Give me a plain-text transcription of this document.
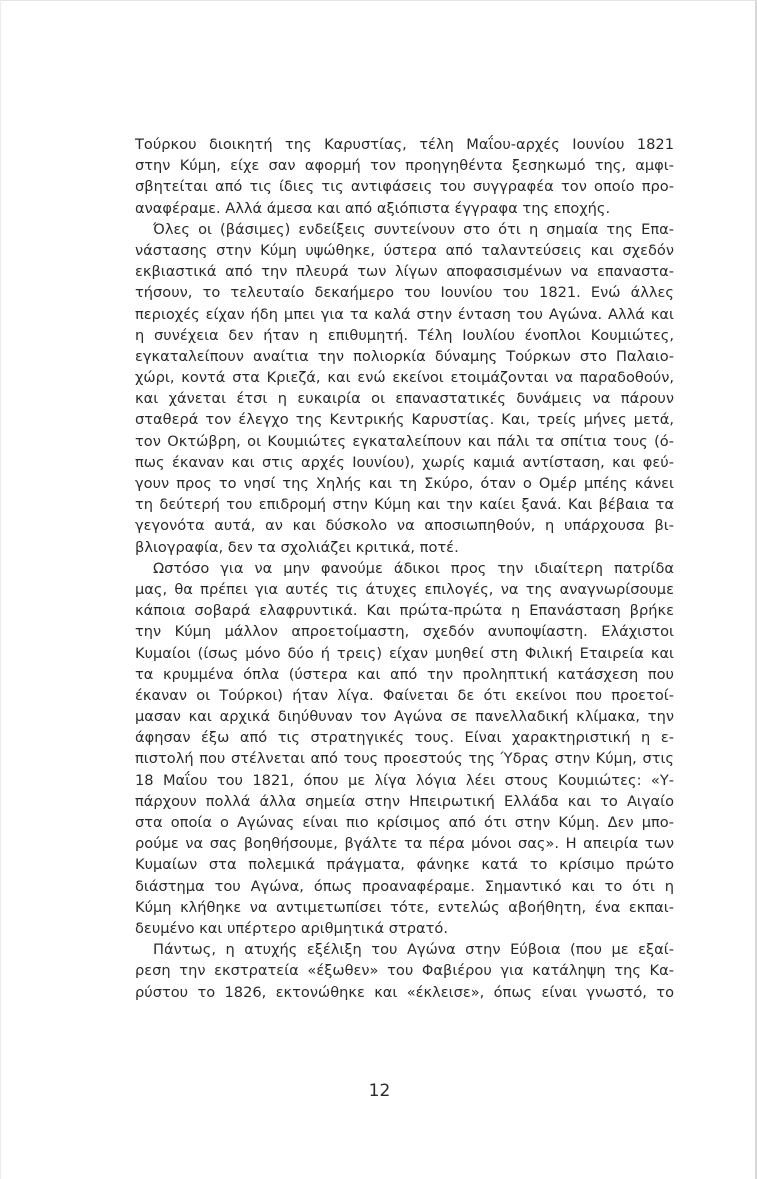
Τούρκου διοικητή της Καρυστίας, τέλη Μαΐου-αρχές Ιουνίου 1821
στην Κύμη, είχε σαν αφορμή τον προηγηθέντα ξεσηκωμό της, αμφι-
σβητείται από τις ίδιες τις αντιφάσεις του συγγραφέα τον οποίο προ-
αναφέραμε. Αλλά άμεσα και από αξιόπιστα έγγραφα της εποχής.
Όλες οι (βάσιμες) ενδείξεις συντείνουν στο ότι η σημαία της Επα-
νάστασης στην Κύμη υψώθηκε, ύστερα από ταλαντεύσεις και σχεδόν
εκβιαστικά από την πλευρά των λίγων αποφασισμένων να επαναστα-
τήσουν, το τελευταίο δεκαήμερο του Ιουνίου του 1821. Ενώ άλλες
περιοχές είχαν ήδη μπει για τα καλά στην ένταση του Αγώνα. Αλλά και
η συνέχεια δεν ήταν η επιθυμητή. Τέλη Ιουλίου ένοπλοι Κουμιώτες,
εγκαταλείπουν αναίτια την πολιορκία δύναμης Τούρκων στο Παλαιο-
χώρι, κοντά στα Κριεζά, και ενώ εκείνοι ετοιμάζονται να παραδοθούν,
και χάνεται έτσι η ευκαιρία οι επαναστατικές δυνάμεις να πάρουν
σταθερά τον έλεγχο της Κεντρικής Καρυστίας. Και, τρείς μήνες μετά,
τον Οκτώβρη, οι Κουμιώτες εγκαταλείπουν και πάλι τα σπίτια τους (ό-
πως έκαναν και στις αρχές Ιουνίου), χωρίς καμιά αντίσταση, και φεύ-
γουν προς το νησί της Χηλής και τη Σκύρο, όταν ο Ομέρ μπέης κάνει
τη δεύτερή του επιδρομή στην Κύμη και την καίει ξανά. Και βέβαια τα
γεγονότα αυτά, αν και δύσκολο να αποσιωπηθούν, η υπάρχουσα βι-
βλιογραφία, δεν τα σχολιάζει κριτικά, ποτέ.
Ωστόσο για να μην φανούμε άδικοι προς την ιδιαίτερη πατρίδα
μας, θα πρέπει για αυτές τις άτυχες επιλογές, να της αναγνωρίσουμε
κάποια σοβαρά ελαφρυντικά. Και πρώτα-πρώτα η Επανάσταση βρήκε
την Κύμη μάλλον απροετοίμαστη, σχεδόν ανυποψίαστη. Ελάχιστοι
Κυμαίοι (ίσως μόνο δύο ή τρεις) είχαν μυηθεί στη Φιλική Εταιρεία και
τα κρυμμένα όπλα (ύστερα και από την προληπτική κατάσχεση που
έκαναν οι Τούρκοι) ήταν λίγα. Φαίνεται δε ότι εκείνοι που προετοί-
μασαν και αρχικά διηύθυναν τον Αγώνα σε πανελλαδική κλίμακα, την
άφησαν έξω από τις στρατηγικές τους. Είναι χαρακτηριστική η ε-
πιστολή που στέλνεται από τους προεστούς της Ύδρας στην Κύμη, στις
18 Μαΐου του 1821, όπου με λίγα λόγια λέει στους Κουμιώτες: «Υ-
πάρχουν πολλά άλλα σημεία στην Ηπειρωτική Ελλάδα και το Αιγαίο
στα οποία ο Αγώνας είναι πιο κρίσιμος από ότι στην Κύμη. Δεν μπο-
ρούμε να σας βοηθήσουμε, βγάλτε τα πέρα μόνοι σας». Η απειρία των
Κυμαίων στα πολεμικά πράγματα, φάνηκε κατά το κρίσιμο πρώτο
διάστημα του Αγώνα, όπως προαναφέραμε. Σημαντικό και το ότι η
Κύμη κλήθηκε να αντιμετωπίσει τότε, εντελώς αβοήθητη, ένα εκπαι-
δευμένο και υπέρτερο αριθμητικά στρατό.
Πάντως, η ατυχής εξέλιξη του Αγώνα στην Εύβοια (που με εξαί-
ρεση την εκστρατεία «έξωθεν» του Φαβιέρου για κατάληψη της Κα-
ρύστου το 1826, εκτονώθηκε και «έκλεισε», όπως είναι γνωστό, το
12
